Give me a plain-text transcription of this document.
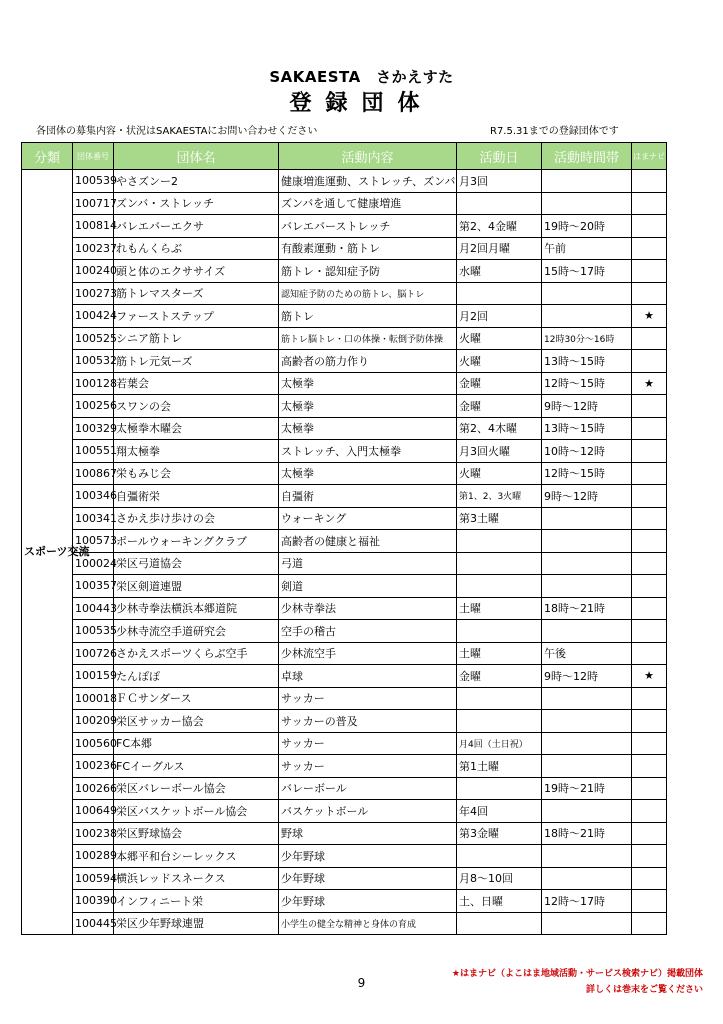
SAKAESTA　さかえすた
登録団体
各団体の募集内容・状況はSAKAESTAにお問い合わせください	R7.5.31までの登録団体です
分類	団体番号	団体名	活動内容	活動日	活動時間帯	はまナビ
スポーツ交流	100539	やさズンー2	健康増進運動、ストレッチ、ズンバ	月3回		
	100717	ズンバ・ストレッチ	ズンバを通して健康増進			
	100814	バレエバーエクサ	バレエバーストレッチ	第2、4金曜	19時～20時	
	100237	れもんくらぶ	有酸素運動・筋トレ	月2回月曜	午前	
	100240	頭と体のエクササイズ	筋トレ・認知症予防	水曜	15時～17時	
	100273	筋トレマスターズ	認知症予防のための筋トレ、脳トレ			
	100424	ファーストステップ	筋トレ	月2回		★
	100525	シニア筋トレ	筋トレ脳トレ・口の体操・転倒予防体操	火曜	12時30分～16時	
	100532	筋トレ元気ーズ	高齢者の筋力作り	火曜	13時～15時	
	100128	若葉会	太極拳	金曜	12時～15時	★
	100256	スワンの会	太極拳	金曜	9時～12時	
	100329	太極拳木曜会	太極拳	第2、4木曜	13時～15時	
	100551	翔太極拳	ストレッチ、入門太極拳	月3回火曜	10時～12時	
	100867	栄もみじ会	太極拳	火曜	12時～15時	
	100346	自彊術栄	自彊術	第1、2、3火曜	9時～12時	
	100341	さかえ歩け歩けの会	ウォーキング	第3土曜		
	100573	ポールウォーキングクラブ	高齢者の健康と福祉			
	100024	栄区弓道協会	弓道			
	100357	栄区剣道連盟	剣道			
	100443	少林寺拳法横浜本郷道院	少林寺拳法	土曜	18時～21時	
	100535	少林寺流空手道研究会	空手の稽古			
	100726	さかえスポーツくらぶ空手	少林流空手	土曜	午後	
	100159	たんぽぽ	卓球	金曜	9時～12時	★
	100018	ＦＣサンダース	サッカー			
	100209	栄区サッカー協会	サッカーの普及			
	100560	FC本郷	サッカー	月4回（土日祝）		
	100236	FCイーグルス	サッカー	第1土曜		
	100266	栄区バレーボール協会	バレーボール		19時～21時	
	100649	栄区バスケットボール協会	バスケットボール	年4回		
	100238	栄区野球協会	野球	第3金曜	18時～21時	
	100289	本郷平和台シーレックス	少年野球			
	100594	横浜レッドスネークス	少年野球	月8～10回		
	100390	インフィニート栄	少年野球	土、日曜	12時～17時	
	100445	栄区少年野球連盟	小学生の健全な精神と身体の育成			
★はまナビ（よこはま地域活動・サービス検索ナビ）掲載団体
詳しくは巻末をご覧ください
9
